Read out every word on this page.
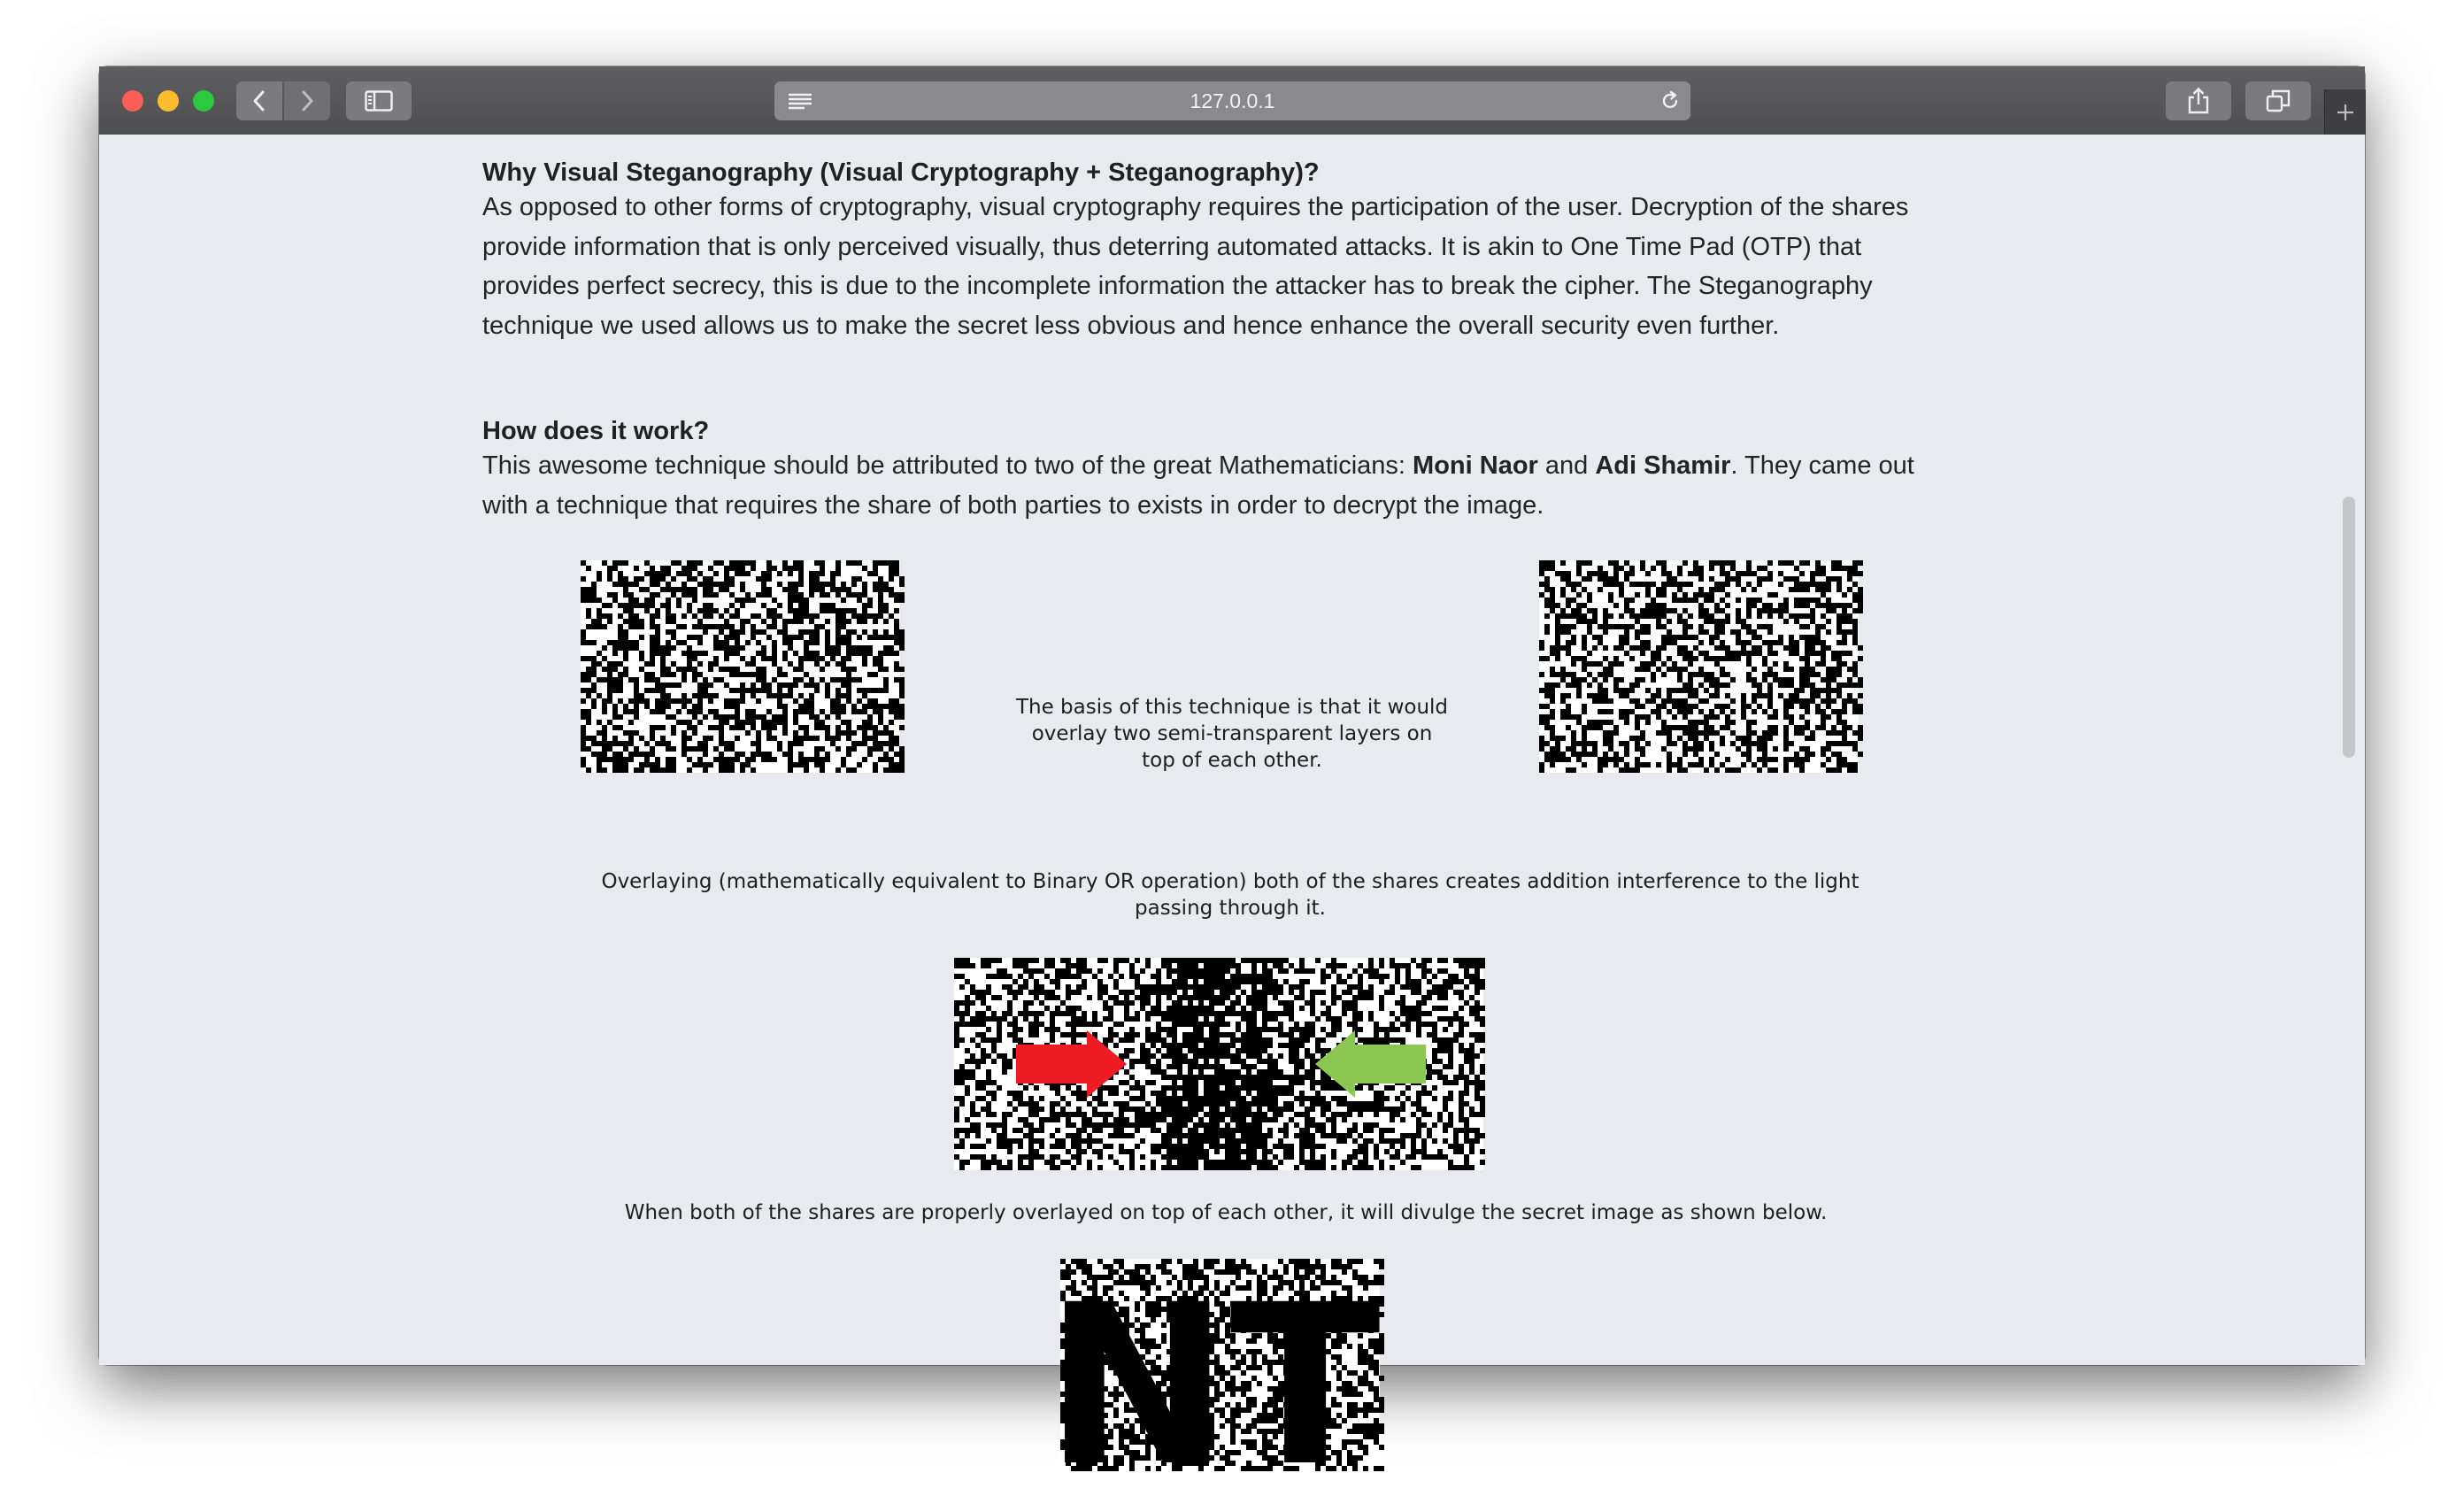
127.0.0.1
Why Visual Steganography (Visual Cryptography + Steganography)?
As opposed to other forms of cryptography, visual cryptography requires the participation of the user. Decryption of the shares provide information that is only perceived visually, thus deterring automated attacks. It is akin to One Time Pad (OTP) that provides perfect secrecy, this is due to the incomplete information the attacker has to break the cipher. The Steganography technique we used allows us to make the secret less obvious and hence enhance the overall security even further.
How does it work?
This awesome technique should be attributed to two of the great Mathematicians: Moni Naor and Adi Shamir. They came out with a technique that requires the share of both parties to exists in order to decrypt the image.
The basis of this technique is that it would overlay two semi-transparent layers on top of each other.
Overlaying (mathematically equivalent to Binary OR operation) both of the shares creates addition interference to the light passing through it.
When both of the shares are properly overlayed on top of each other, it will divulge the secret image as shown below.
NT
